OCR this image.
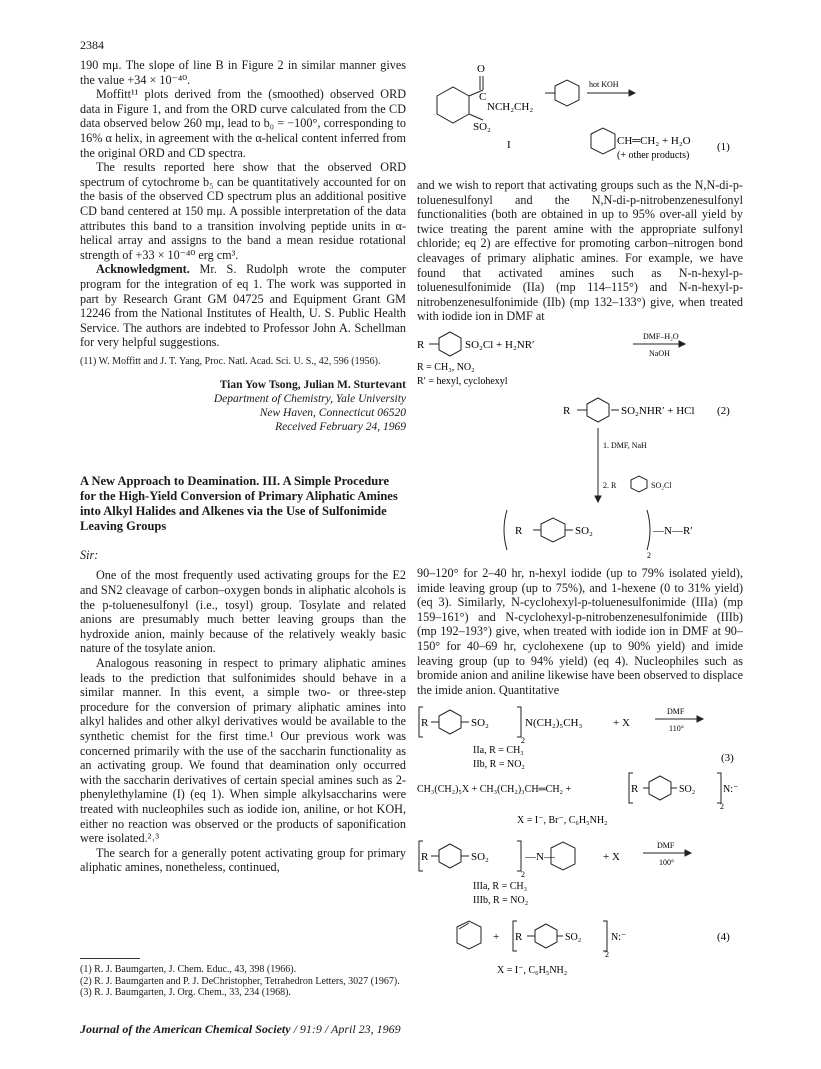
2384

190 mμ. The slope of line B in Figure 2 in similar manner gives the value +34 × 10⁻⁴⁰.

Moffitt¹¹ plots derived from the (smoothed) observed ORD data in Figure 1, and from the ORD curve calculated from the CD data observed below 260 mμ, lead to b₀ = −100°, corresponding to 16% α helix, in agreement with the α-helical content inferred from the original ORD and CD spectra.

The results reported here show that the observed ORD spectrum of cytochrome b₅ can be quantitatively accounted for on the basis of the observed CD spectrum plus an additional positive CD band centered at 150 mμ. A possible interpretation of the data attributes this band to a transition involving peptide units in α-helical array and assigns to the band a mean residue rotational strength of +33 × 10⁻⁴⁰ erg cm³.

Acknowledgment. Mr. S. Rudolph wrote the computer program for the integration of eq 1. The work was supported in part by Research Grant GM 04725 and Equipment Grant GM 12246 from the National Institutes of Health, U. S. Public Health Service. The authors are indebted to Professor John A. Schellman for very helpful suggestions.

(11) W. Moffitt and J. T. Yang, Proc. Natl. Acad. Sci. U. S., 42, 596 (1956).

Tian Yow Tsong, Julian M. Sturtevant
Department of Chemistry, Yale University
New Haven, Connecticut 06520
Received February 24, 1969
A New Approach to Deamination. III. A Simple Procedure for the High-Yield Conversion of Primary Aliphatic Amines into Alkyl Halides and Alkenes via the Use of Sulfonimide Leaving Groups

Sir:

One of the most frequently used activating groups for the E2 and SN2 cleavage of carbon–oxygen bonds in aliphatic alcohols is the p-toluenesulfonyl (i.e., tosyl) group. Tosylate and related anions are presumably much better leaving groups than the hydroxide anion, mainly because of the relatively weakly basic nature of the tosylate anion.

Analogous reasoning in respect to primary aliphatic amines leads to the prediction that sulfonimides should behave in a similar manner. In this event, a simple two- or three-step procedure for the conversion of primary aliphatic amines into alkyl halides and other alkyl derivatives would be available to the synthetic chemist for the first time.¹ Our previous work was concerned primarily with the use of the saccharin functionality as an activating group. We found that deamination only occurred with the saccharin derivatives of certain special amines such as 2-phenylethylamine (I) (eq 1). When simple alkylsaccharins were treated with nucleophiles such as iodide ion, aniline, or hot KOH, either no reaction was observed or the products of saponification were isolated.²˒³

The search for a generally potent activating group for primary aliphatic amines, nonetheless, continued,

(1) R. J. Baumgarten, J. Chem. Educ., 43, 398 (1966).
(2) R. J. Baumgarten and P. J. DeChristopher, Tetrahedron Letters, 3027 (1967).
(3) R. J. Baumgarten, J. Org. Chem., 33, 234 (1968).
O
C
NCH₂CH₂
SO₂
I
hot KOH
CH═CH₂ + H₂O
(+ other products)
(1)

and we wish to report that activating groups such as the N,N-di-p-toluenesulfonyl and the N,N-di-p-nitrobenzenesulfonyl functionalities (both are obtained in up to 95% over-all yield by twice treating the parent amine with the appropriate sulfonyl chloride; eq 2) are effective for promoting carbon–nitrogen bond cleavages of primary aliphatic amines. For example, we have found that activated amines such as N-n-hexyl-p-toluenesulfonimide (IIa) (mp 114–115°) and N-n-hexyl-p-nitrobenzenesulfonimide (IIb) (mp 132–133°) give, when treated with iodide ion in DMF at

R	SO₂Cl + H₂NR′
DMF–H₂O
NaOH
R = CH₃, NO₂
R′ = hexyl, cyclohexyl
R	SO₂NHR′ + HCl (2)
1. DMF, NaH
2. R	SO₂Cl
R	SO₂	—N—R′
2

90–120° for 2–40 hr, n-hexyl iodide (up to 79% isolated yield), imide leaving group (up to 75%), and 1-hexene (0 to 31% yield) (eq 3). Similarly, N-cyclohexyl-p-toluenesulfonimide (IIIa) (mp 159–161°) and N-cyclohexyl-p-nitrobenzenesulfonimide (IIIb) (mp 192–193°) give, when treated with iodide ion in DMF at 90–150° for 40–69 hr, cyclohexene (up to 90% yield) and imide leaving group (up to 94% yield) (eq 4). Nucleophiles such as bromide anion and aniline likewise have been observed to displace the imide anion. Quantitative

R	SO₂	N(CH₂)₅CH₃	+ X
DMF
110°
2
IIa, R = CH₃
IIb, R = NO₂
(3)
CH₃(CH₂)₅X + CH₃(CH₂)₃CH═CH₂ +	R	SO₂	N:⁻
2
X = I⁻, Br⁻, C₆H₅NH₂
R	SO₂	—N—	+ X
DMF
100°
2
IIIa, R = CH₃
IIIb, R = NO₂
+ R	SO₂	N:⁻
2
(4)
X = I⁻, C₆H₅NH₂
Journal of the American Chemical Society / 91:9 / April 23, 1969
